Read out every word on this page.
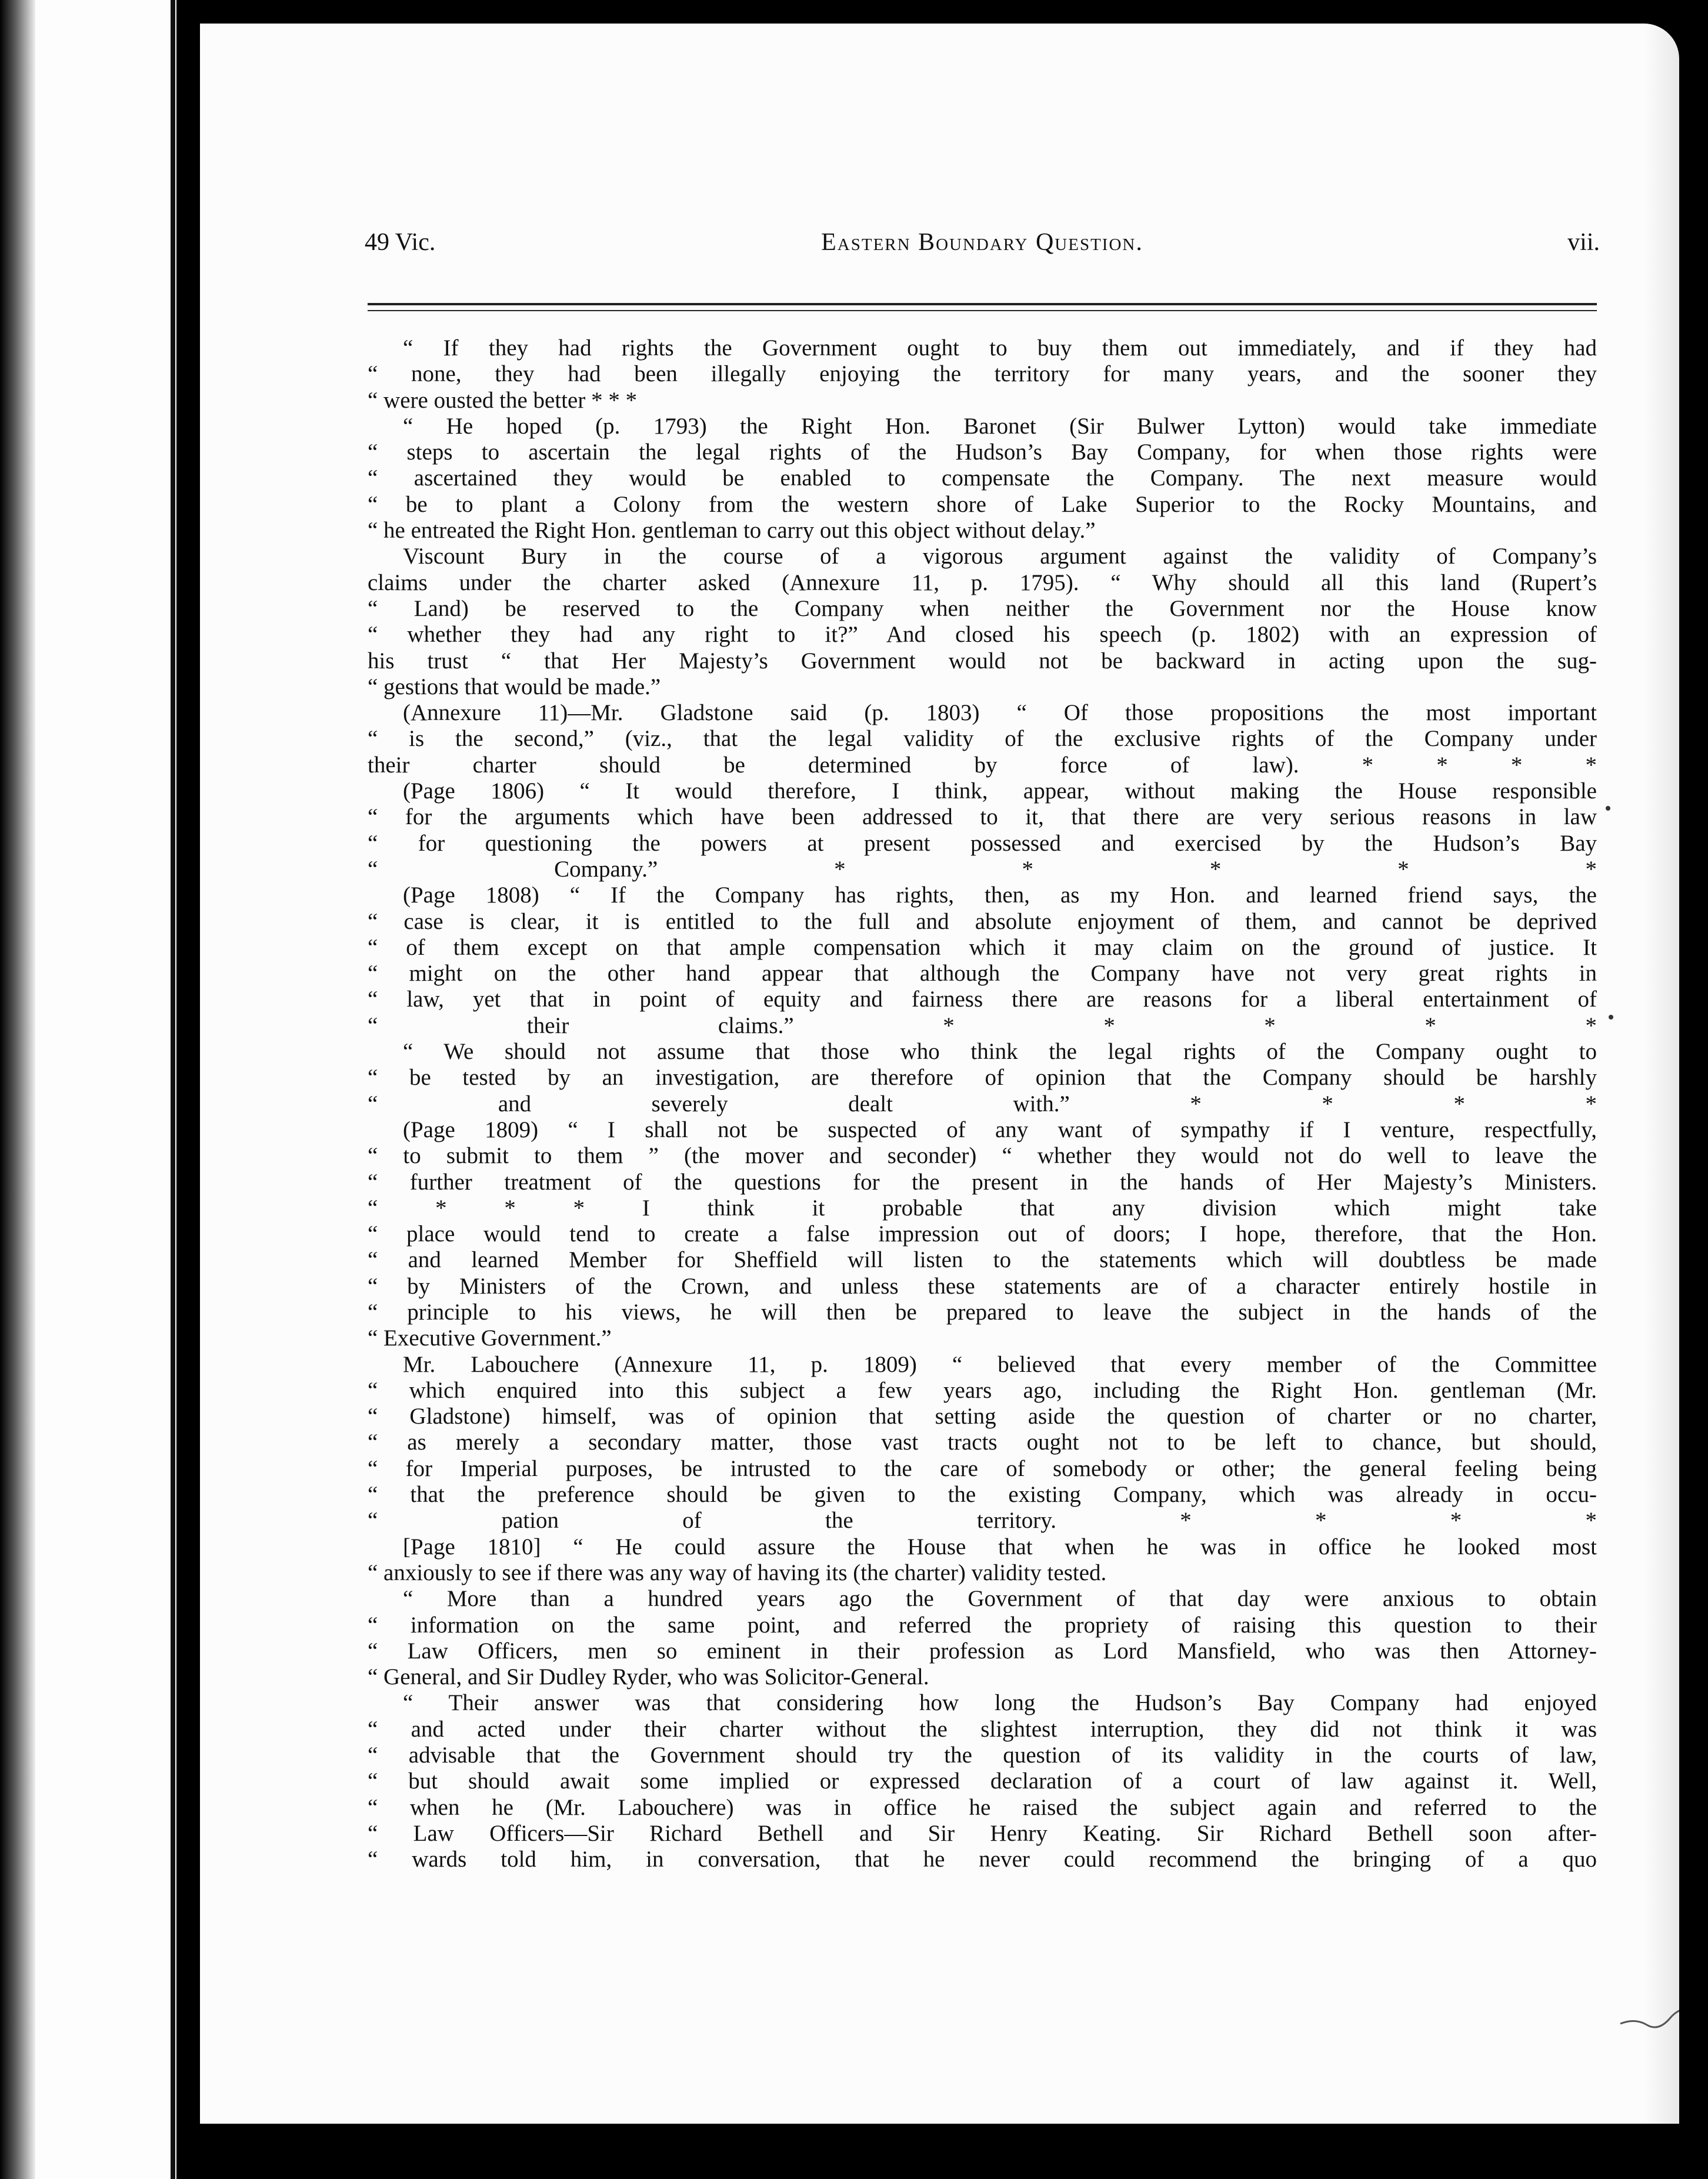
49 Vic.	Eastern Boundary Question.	vii.
“ If they had rights the Government ought to buy them out immediately, and if they had
“ none, they had been illegally enjoying the territory for many years, and the sooner they
“ were ousted the better * * *
“ He hoped (p. 1793) the Right Hon. Baronet (Sir Bulwer Lytton) would take immediate
“ steps to ascertain the legal rights of the Hudson’s Bay Company, for when those rights were
“ ascertained they would be enabled to compensate the Company. The next measure would
“ be to plant a Colony from the western shore of Lake Superior to the Rocky Mountains, and
“ he entreated the Right Hon. gentleman to carry out this object without delay.”
Viscount Bury in the course of a vigorous argument against the validity of Company’s
claims under the charter asked (Annexure 11, p. 1795). “ Why should all this land (Rupert’s
“ Land) be reserved to the Company when neither the Government nor the House know
“ whether they had any right to it?” And closed his speech (p. 1802) with an expression of
his trust “ that Her Majesty’s Government would not be backward in acting upon the sug-
“ gestions that would be made.”
(Annexure 11)—Mr. Gladstone said (p. 1803) “ Of those propositions the most important
“ is the second,” (viz., that the legal validity of the exclusive rights of the Company under
their charter should be determined by force of law). * * * *
(Page 1806) “ It would therefore, I think, appear, without making the House responsible
“ for the arguments which have been addressed to it, that there are very serious reasons in law
“ for questioning the powers at present possessed and exercised by the Hudson’s Bay
“ Company.” * * * * *
(Page 1808) “ If the Company has rights, then, as my Hon. and learned friend says, the
“ case is clear, it is entitled to the full and absolute enjoyment of them, and cannot be deprived
“ of them except on that ample compensation which it may claim on the ground of justice. It
“ might on the other hand appear that although the Company have not very great rights in
“ law, yet that in point of equity and fairness there are reasons for a liberal entertainment of
“ their claims.” * * * * *
“ We should not assume that those who think the legal rights of the Company ought to
“ be tested by an investigation, are therefore of opinion that the Company should be harshly
“ and severely dealt with.” * * * *
(Page 1809) “ I shall not be suspected of any want of sympathy if I venture, respectfully,
“ to submit to them ” (the mover and seconder) “ whether they would not do well to leave the
“ further treatment of the questions for the present in the hands of Her Majesty’s Ministers.
“ * * * I think it probable that any division which might take
“ place would tend to create a false impression out of doors; I hope, therefore, that the Hon.
“ and learned Member for Sheffield will listen to the statements which will doubtless be made
“ by Ministers of the Crown, and unless these statements are of a character entirely hostile in
“ principle to his views, he will then be prepared to leave the subject in the hands of the
“ Executive Government.”
Mr. Labouchere (Annexure 11, p. 1809) “ believed that every member of the Committee
“ which enquired into this subject a few years ago, including the Right Hon. gentleman (Mr.
“ Gladstone) himself, was of opinion that setting aside the question of charter or no charter,
“ as merely a secondary matter, those vast tracts ought not to be left to chance, but should,
“ for Imperial purposes, be intrusted to the care of somebody or other; the general feeling being
“ that the preference should be given to the existing Company, which was already in occu-
“ pation of the territory. * * * *
[Page 1810] “ He could assure the House that when he was in office he looked most
“ anxiously to see if there was any way of having its (the charter) validity tested.
“ More than a hundred years ago the Government of that day were anxious to obtain
“ information on the same point, and referred the propriety of raising this question to their
“ Law Officers, men so eminent in their profession as Lord Mansfield, who was then Attorney-
“ General, and Sir Dudley Ryder, who was Solicitor-General.
“ Their answer was that considering how long the Hudson’s Bay Company had enjoyed
“ and acted under their charter without the slightest interruption, they did not think it was
“ advisable that the Government should try the question of its validity in the courts of law,
“ but should await some implied or expressed declaration of a court of law against it. Well,
“ when he (Mr. Labouchere) was in office he raised the subject again and referred to the
“ Law Officers—Sir Richard Bethell and Sir Henry Keating. Sir Richard Bethell soon after-
“ wards told him, in conversation, that he never could recommend the bringing of a quo
